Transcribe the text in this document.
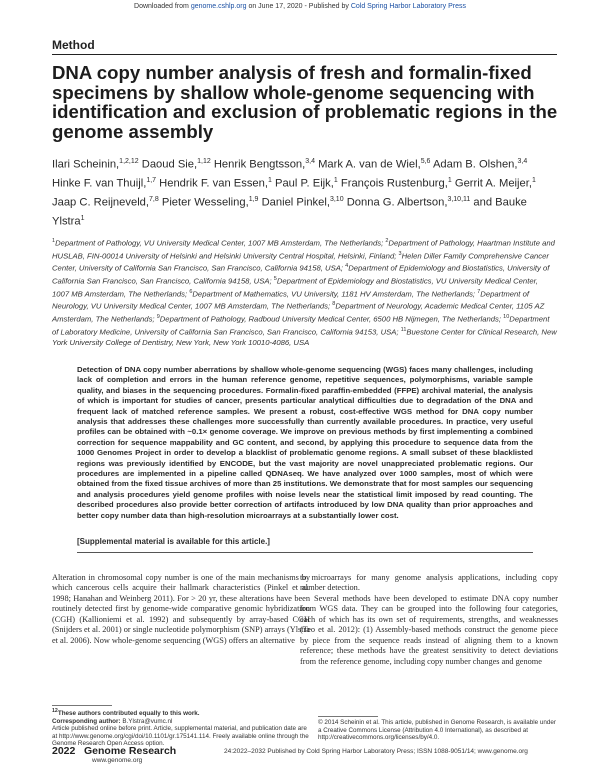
Downloaded from genome.cshlp.org on June 17, 2020 - Published by Cold Spring Harbor Laboratory Press
Method
DNA copy number analysis of fresh and formalin-fixed specimens by shallow whole-genome sequencing with identification and exclusion of problematic regions in the genome assembly
Ilari Scheinin,$^{1,2,12}$ Daoud Sie,$^{1,12}$ Henrik Bengtsson,$^{3,4}$ Mark A. van de Wiel,$^{5,6}$ Adam B. Olshen,$^{3,4}$ Hinke F. van Thuijl,$^{1,7}$ Hendrik F. van Essen,$^1$ Paul P. Eijk,$^1$ François Rustenburg,$^1$ Gerrit A. Meijer,$^1$ Jaap C. Reijneveld,$^{7,8}$ Pieter Wesseling,$^{1,9}$ Daniel Pinkel,$^{3,10}$ Donna G. Albertson,$^{3,10,11}$ and Bauke Ylstra$^1$
$^1$Department of Pathology, VU University Medical Center, 1007 MB Amsterdam, The Netherlands; $^2$Department of Pathology, Haartman Institute and HUSLAB, FIN-00014 University of Helsinki and Helsinki University Central Hospital, Helsinki, Finland; $^3$Helen Diller Family Comprehensive Cancer Center, University of California San Francisco, San Francisco, California 94158, USA; $^4$Department of Epidemiology and Biostatistics, University of California San Francisco, San Francisco, California 94158, USA; $^5$Department of Epidemiology and Biostatistics, VU University Medical Center, 1007 MB Amsterdam, The Netherlands; $^6$Department of Mathematics, VU University, 1181 HV Amsterdam, The Netherlands; $^7$Department of Neurology, VU University Medical Center, 1007 MB Amsterdam, The Netherlands; $^8$Department of Neurology, Academic Medical Center, 1105 AZ Amsterdam, The Netherlands; $^9$Department of Pathology, Radboud University Medical Center, 6500 HB Nijmegen, The Netherlands; $^{10}$Department of Laboratory Medicine, University of California San Francisco, San Francisco, California 94153, USA; $^{11}$Buestone Center for Clinical Research, New York University College of Dentistry, New York, New York 10010-4086, USA
Detection of DNA copy number aberrations by shallow whole-genome sequencing (WGS) faces many challenges, including lack of completion and errors in the human reference genome, repetitive sequences, polymorphisms, variable sample quality, and biases in the sequencing procedures. Formalin-fixed paraffin-embedded (FFPE) archival material, the analysis of which is important for studies of cancer, presents particular analytical difficulties due to degradation of the DNA and frequent lack of matched reference samples. We present a robust, cost-effective WGS method for DNA copy number analysis that addresses these challenges more successfully than currently available procedures. In practice, very useful profiles can be obtained with ~0.1× genome coverage. We improve on previous methods by first implementing a combined correction for sequence mappability and GC content, and second, by applying this procedure to sequence data from the 1000 Genomes Project in order to develop a blacklist of problematic genome regions. A small subset of these blacklisted regions was previously identified by ENCODE, but the vast majority are novel unappreciated problematic regions. Our procedures are implemented in a pipeline called QDNAseq. We have analyzed over 1000 samples, most of which were obtained from the fixed tissue archives of more than 25 institutions. We demonstrate that for most samples our sequencing and analysis procedures yield genome profiles with noise levels near the statistical limit imposed by read counting. The described procedures also provide better correction of artifacts introduced by low DNA quality than prior approaches and better copy number data than high-resolution microarrays at a substantially lower cost.
[Supplemental material is available for this article.]

Alteration in chromosomal copy number is one of the main mechanisms by which cancerous cells acquire their hallmark characteristics (Pinkel et al. 1998; Hanahan and Weinberg 2011). For > 20 yr, these alterations have been routinely detected first by genome-wide comparative genomic hybridization (CGH) (Kallioniemi et al. 1992) and subsequently by array-based CGH (Snijders et al. 2001) or single nucleotide polymorphism (SNP) arrays (Ylstra et al. 2006). Now whole-genome sequencing (WGS) offers an alternative

to microarrays for many genome analysis applications, including copy number detection.

Several methods have been developed to estimate DNA copy number from WGS data. They can be grouped into the following four categories, each of which has its own set of requirements, strengths, and weaknesses (Teo et al. 2012): (1) Assembly-based methods construct the genome piece by piece from the sequence reads instead of aligning them to a known reference; these methods have the greatest sensitivity to detect deviations from the reference genome, including copy number changes and genome

$^{12}$These authors contributed equally to this work.
Corresponding author: B.Ylstra@vumc.nl
Article published online before print. Article, supplemental material, and publication date are at http://www.genome.org/cgi/doi/10.1101/gr.175141.114. Freely available online through the Genome Research Open Access option.
© 2014 Scheinin et al. This article, published in Genome Research, is available under a Creative Commons License (Attribution 4.0 International), as described at http://creativecommons.org/licenses/by/4.0.
2022 Genome Research
www.genome.org
24:2022–2032 Published by Cold Spring Harbor Laboratory Press; ISSN 1088-9051/14; www.genome.org
